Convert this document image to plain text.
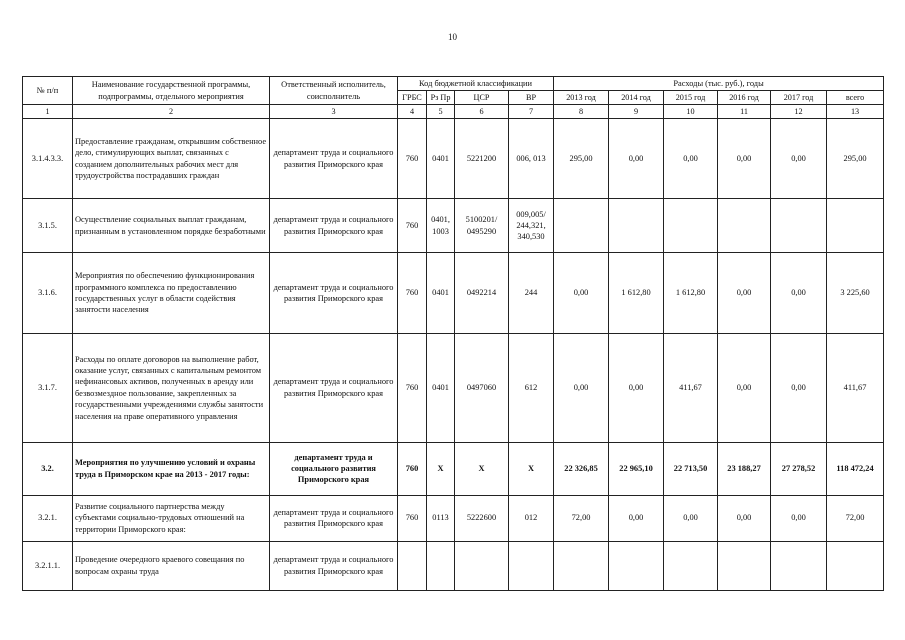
10
№ п/п	Наименование государственной программы, подпрограммы, отдельного мероприятия	Ответственный исполнитель, соисполнитель	Код бюджетной классификации				Расходы (тыс. руб.), годы					
			ГРБС	Рз Пр	ЦСР	ВР	2013 год	2014 год	2015 год	2016 год	2017 год	всего
1	2	3	4	5	6	7	8	9	10	11	12	13
3.1.4.3.3.	Предоставление гражданам, открывшим собственное дело, стимулирующих выплат, связанных с созданием дополнительных рабочих мест для трудоустройства пострадавших граждан	департамент труда и социального развития Приморского края	760	0401	5221200	006, 013	295,00	0,00	0,00	0,00	0,00	295,00
3.1.5.	Осуществление социальных выплат гражданам, признанным в установленном порядке безработными	департамент труда и социального развития Приморского края	760	0401, 1003	5100201/ 0495290	009,005/ 244,321, 340,530						
3.1.6.	Мероприятия по обеспечению функционирования программного комплекса по предоставлению государственных услуг в области содействия занятости населения	департамент труда и социального развития Приморского края	760	0401	0492214	244	0,00	1 612,80	1 612,80	0,00	0,00	3 225,60
3.1.7.	Расходы по оплате договоров на выполнение работ, оказание услуг, связанных с капитальным ремонтом нефинансовых активов, полученных в аренду или безвозмездное пользование, закрепленных за государственными учреждениями службы занятости населения на праве оперативного управления	департамент труда и социального развития Приморского края	760	0401	0497060	612	0,00	0,00	411,67	0,00	0,00	411,67
3.2.	Мероприятия по улучшению условий и охраны труда в Приморском крае на 2013 - 2017 годы:	департамент труда и социального развития Приморского края	760	X	X	X	22 326,85	22 965,10	22 713,50	23 188,27	27 278,52	118 472,24
3.2.1.	Развитие социального партнерства между субъектами социально-трудовых отношений на территории Приморского края:	департамент труда и социального развития Приморского края	760	0113	5222600	012	72,00	0,00	0,00	0,00	0,00	72,00
3.2.1.1.	Проведение очередного краевого совещания по вопросам охраны труда	департамент труда и социального развития Приморского края										
